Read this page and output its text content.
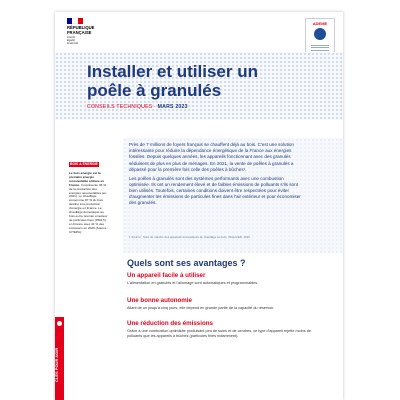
RÉPUBLIQUE
FRANÇAISE
Liberté
Égalité
Fraternité
ADEME
Installer et utiliser un poêle à granulés
CONSEILS TECHNIQUES · MARS 2023
BOIS & ÉNERGIE
Le bois-énergie est la première énergie renouvelable utilisée en France. Il représente 36 % de la production des énergies renouvelables (en 2021). Le chauffage consomme 87 % du bois destiné à la production d'énergie en France. Le chauffage domestique au bois est le premier émetteur de particules fines (PM2,5) en France avec 41 % des émissions en 2020 (Source : CITEPA).
CLÉS POUR AGIR

Près de 7 millions de foyers français se chauffent déjà au bois. C'est une solution intéressante pour réduire la dépendance énergétique de la France aux énergies fossiles. Depuis quelques années, les appareils fonctionnant avec des granulés séduisent de plus en plus de ménages. En 2021, la vente de poêles à granulés a dépassé pour la première fois celle des poêles à bûches¹.

Les poêles à granulés sont des systèmes performants avec une combustion optimisée. Ils ont un rendement élevé et de faibles émissions de polluants s'ils sont bien utilisés. Toutefois, certaines conditions doivent être respectées pour éviter d'augmenter les émissions de particules fines dans l'air extérieur et pour économiser des granulés.

1 Source : Suivi du marché des appareils domestiques de chauffage au bois, Observ'ER, 2022
Quels sont ses avantages ?
Un appareil facile à utiliser
L'alimentation en granulés et l'allumage sont automatiques et programmables.
Une bonne autonomie
Allant de un jusqu'à cinq jours, elle dépend en grande partie de la capacité du réservoir.
Une réduction des émissions
Grâce à une combustion optimisée produisant peu de suies et de cendres, ce type d'appareil rejette moins de polluants que les appareils à bûches (particules fines notamment).
